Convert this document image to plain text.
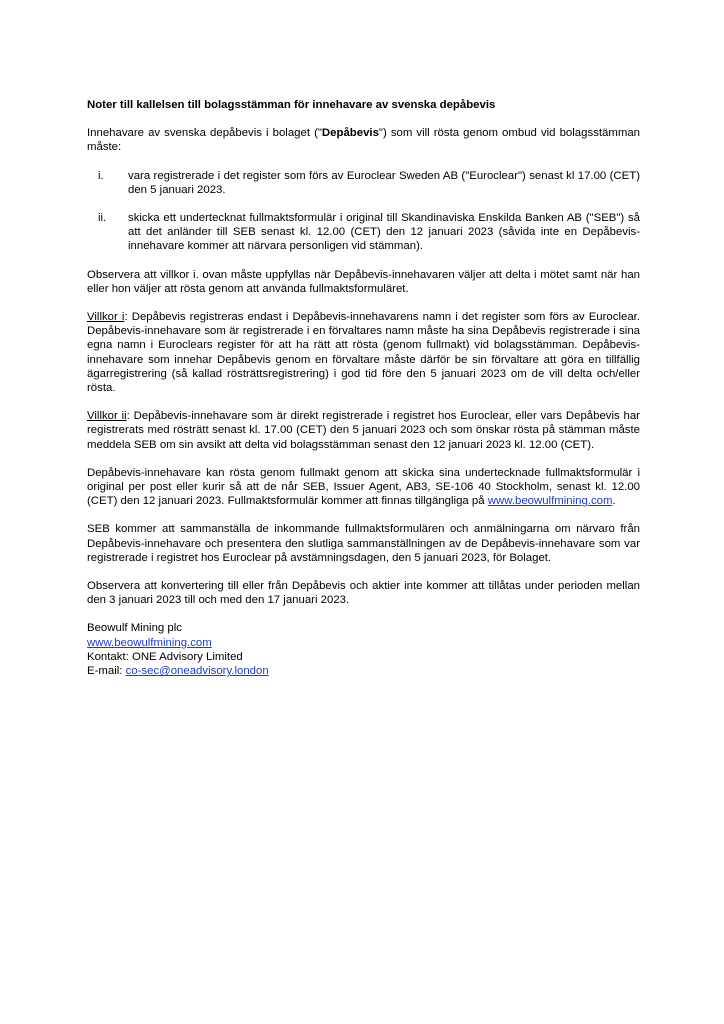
Noter till kallelsen till bolagsstämman för innehavare av svenska depåbevis

Innehavare av svenska depåbevis i bolaget ("Depåbevis") som vill rösta genom ombud vid bolagsstämman måste:

i. vara registrerade i det register som förs av Euroclear Sweden AB ("Euroclear") senast kl 17.00 (CET) den 5 januari 2023.
ii. skicka ett undertecknat fullmaktsformulär i original till Skandinaviska Enskilda Banken AB ("SEB") så att det anländer till SEB senast kl. 12.00 (CET) den 12 januari 2023 (såvida inte en Depåbevis-innehavare kommer att närvara personligen vid stämman).

Observera att villkor i. ovan måste uppfyllas när Depåbevis-innehavaren väljer att delta i mötet samt när han eller hon väljer att rösta genom att använda fullmaktsformuläret.

Villkor i: Depåbevis registreras endast i Depåbevis-innehavarens namn i det register som förs av Euroclear. Depåbevis-innehavare som är registrerade i en förvaltares namn måste ha sina Depåbevis registrerade i sina egna namn i Euroclears register för att ha rätt att rösta (genom fullmakt) vid bolagsstämman. Depåbevis-innehavare som innehar Depåbevis genom en förvaltare måste därför be sin förvaltare att göra en tillfällig ägarregistrering (så kallad rösträttsregistrering) i god tid före den 5 januari 2023 om de vill delta och/eller rösta.

Villkor ii: Depåbevis-innehavare som är direkt registrerade i registret hos Euroclear, eller vars Depåbevis har registrerats med rösträtt senast kl. 17.00 (CET) den 5 januari 2023 och som önskar rösta på stämman måste meddela SEB om sin avsikt att delta vid bolagsstämman senast den 12 januari 2023 kl. 12.00 (CET).

Depåbevis-innehavare kan rösta genom fullmakt genom att skicka sina undertecknade fullmaktsformulär i original per post eller kurir så att de når SEB, Issuer Agent, AB3, SE-106 40 Stockholm, senast kl. 12.00 (CET) den 12 januari 2023. Fullmaktsformulär kommer att finnas tillgängliga på www.beowulfmining.com.

SEB kommer att sammanställa de inkommande fullmaktsformulären och anmälningarna om närvaro från Depåbevis-innehavare och presentera den slutliga sammanställningen av de Depåbevis-innehavare som var registrerade i registret hos Euroclear på avstämningsdagen, den 5 januari 2023, för Bolaget.

Observera att konvertering till eller från Depåbevis och aktier inte kommer att tillåtas under perioden mellan den 3 januari 2023 till och med den 17 januari 2023.

Beowulf Mining plc
www.beowulfmining.com
Kontakt: ONE Advisory Limited
E-mail: co-sec@oneadvisory.london
